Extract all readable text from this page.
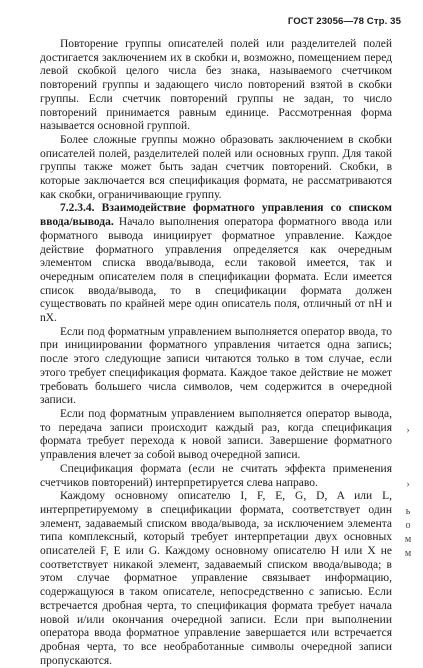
ГОСТ 23056—78 Стр. 35

Повторение группы описателей полей или разделителей полей достигается заключением их в скобки и, возможно, помещением перед левой скобкой целого числа без знака, называемого счетчиком повторений группы и задающего число повторений взятой в скобки группы. Если счетчик повторений группы не задан, то число повторений принимается равным единице. Рассмотренная форма называется основной группой.

Более сложные группы можно образовать заключением в скобки описателей полей, разделителей полей или основных групп. Для такой группы также может быть задан счетчик повторений. Скобки, в которые заключается вся спецификация формата, не рассматриваются как скобки, ограничивающие группу.

7.2.3.4. Взаимодействие форматного управления со списком ввода/вывода. Начало выполнения оператора форматного ввода или форматного вывода инициирует форматное управление. Каждое действие форматного управления определяется как очередным элементом списка ввода/вывода, если таковой имеется, так и очередным описателем поля в спецификации формата. Если имеется список ввода/вывода, то в спецификации формата должен существовать по крайней мере один описатель поля, отличный от nH и nX.

Если под форматным управлением выполняется оператор ввода, то при инициировании форматного управления читается одна запись; после этого следующие записи читаются только в том случае, если этого требует спецификация формата. Каждое такое действие не может требовать большего числа символов, чем содержится в очередной записи.

Если под форматным управлением выполняется оператор вывода, то передача записи происходит каждый раз, когда спецификация формата требует перехода к новой записи. Завершение форматного управления влечет за собой вывод очередной записи.

Спецификация формата (если не считать эффекта применения счетчиков повторений) интерпретируется слева направо.

Каждому основному описателю I, F, E, G, D, A или L, интерпретируемому в спецификации формата, соответствует один элемент, задаваемый списком ввода/вывода, за исключением элемента типа комплексный, который требует интерпретации двух основных описателей F, E или G. Каждому основному описателю H или X не соответствует никакой элемент, задаваемый списком ввода/вывода; в этом случае форматное управление связывает информацию, содержащуюся в таком описателе, непосредственно с записью. Если встречается дробная черта, то спецификация формата требует начала новой и/или окончания очередной записи. Если при выполнении оператора ввода форматное управление завершается или встречается дробная черта, то все необработанные символы очередной записи пропускаются.

›
›
ь
о
м
м
